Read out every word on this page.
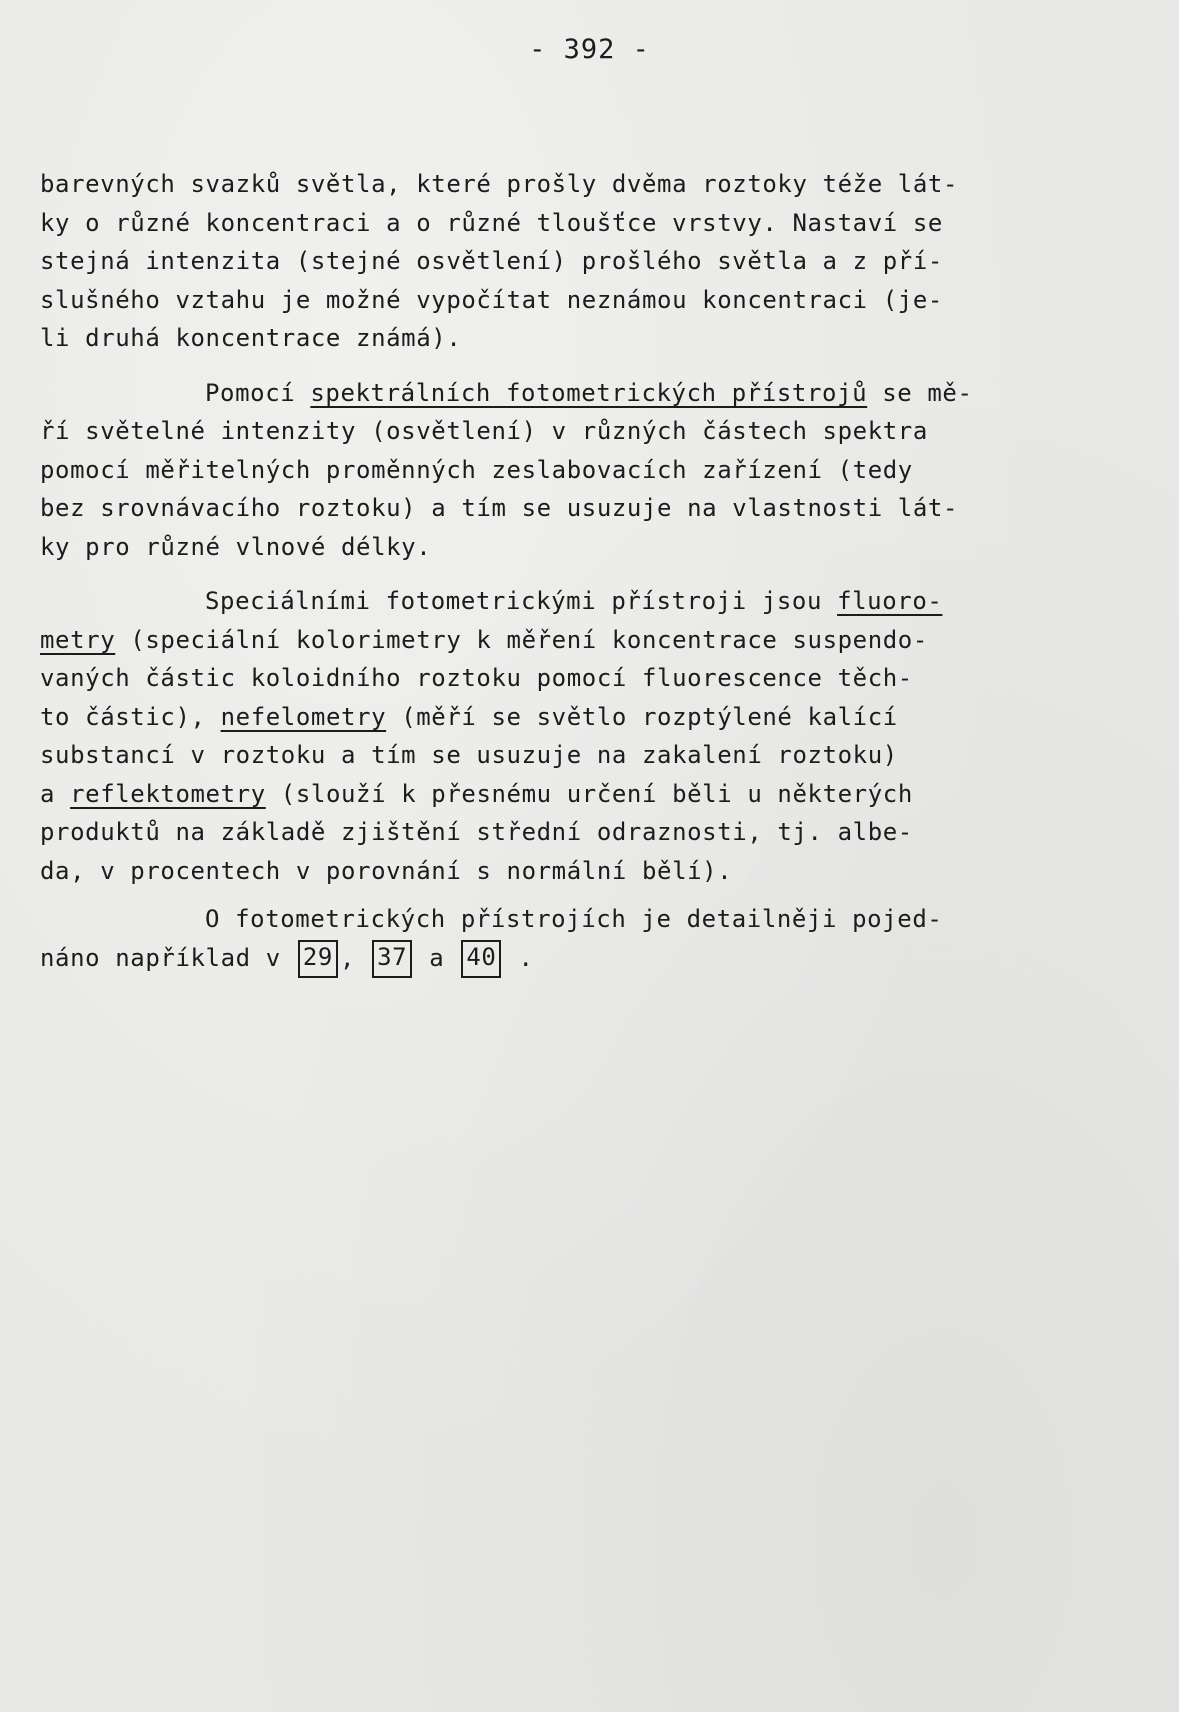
- 392 -
barevných svazků světla, které prošly dvěma roztoky téže lát-
ky o různé koncentraci a o různé tloušťce vrstvy. Nastaví se
stejná intenzita (stejné osvětlení) prošlého světla a z pří-
slušného vztahu je možné vypočítat neznámou koncentraci (je-
li druhá koncentrace známá).
Pomocí spektrálních fotometrických přístrojů se mě-
ří světelné intenzity (osvětlení) v různých částech spektra
pomocí měřitelných proměnných zeslabovacích zařízení (tedy
bez srovnávacího roztoku) a tím se usuzuje na vlastnosti lát-
ky pro různé vlnové délky.
Speciálními fotometrickými přístroji jsou fluoro-
metry (speciální kolorimetry k měření koncentrace suspendo-
vaných částic koloidního roztoku pomocí fluorescence těch-
to částic), nefelometry (měří se světlo rozptýlené kalící
substancí v roztoku a tím se usuzuje na zakalení roztoku)
a reflektometry (slouží k přesnému určení běli u některých
produktů na základě zjištění střední odraznosti, tj. albe-
da, v procentech v porovnání s normální bělí).
O fotometrických přístrojích je detailněji pojed-
náno například v 29 , 37 a 40 .
